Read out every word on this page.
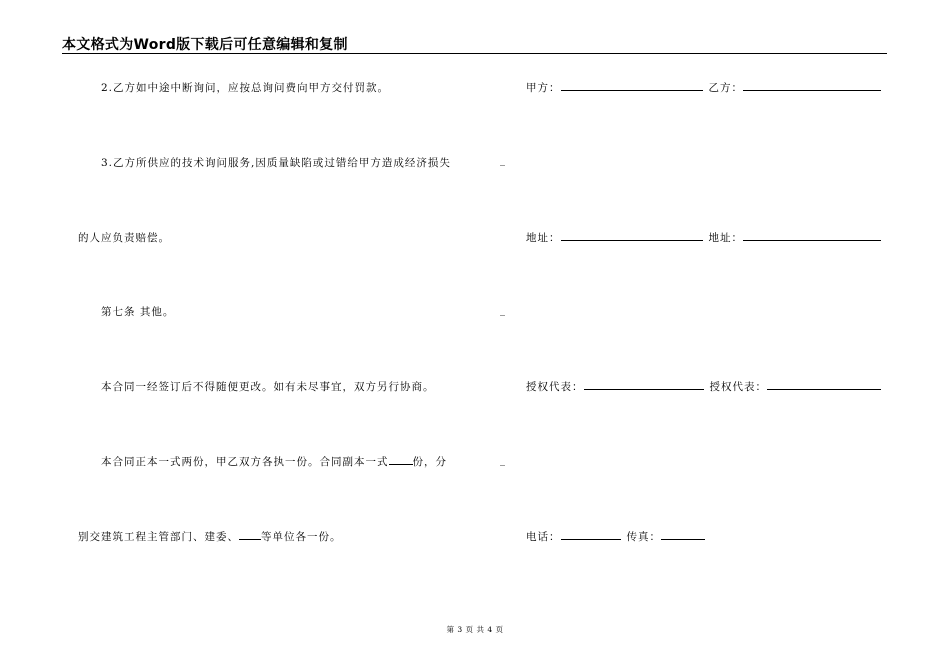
本文格式为Word版下载后可任意编辑和复制
2.乙方如中途中断询问，应按总询问费向甲方交付罚款。
3.乙方所供应的技术询问服务,因质量缺陷或过错给甲方造成经济损失
的人应负责赔偿。
第七条 其他。
本合同一经签订后不得随便更改。如有未尽事宜，双方另行协商。
本合同正本一式两份，甲乙双方各执一份。合同副本一式 份，分
别交建筑工程主管部门、建委、 等单位各一份。
_
_
_
甲方：	乙方：
地址：	地址：
授权代表：	授权代表：
电话：	传真：
第 3 页 共 4 页
